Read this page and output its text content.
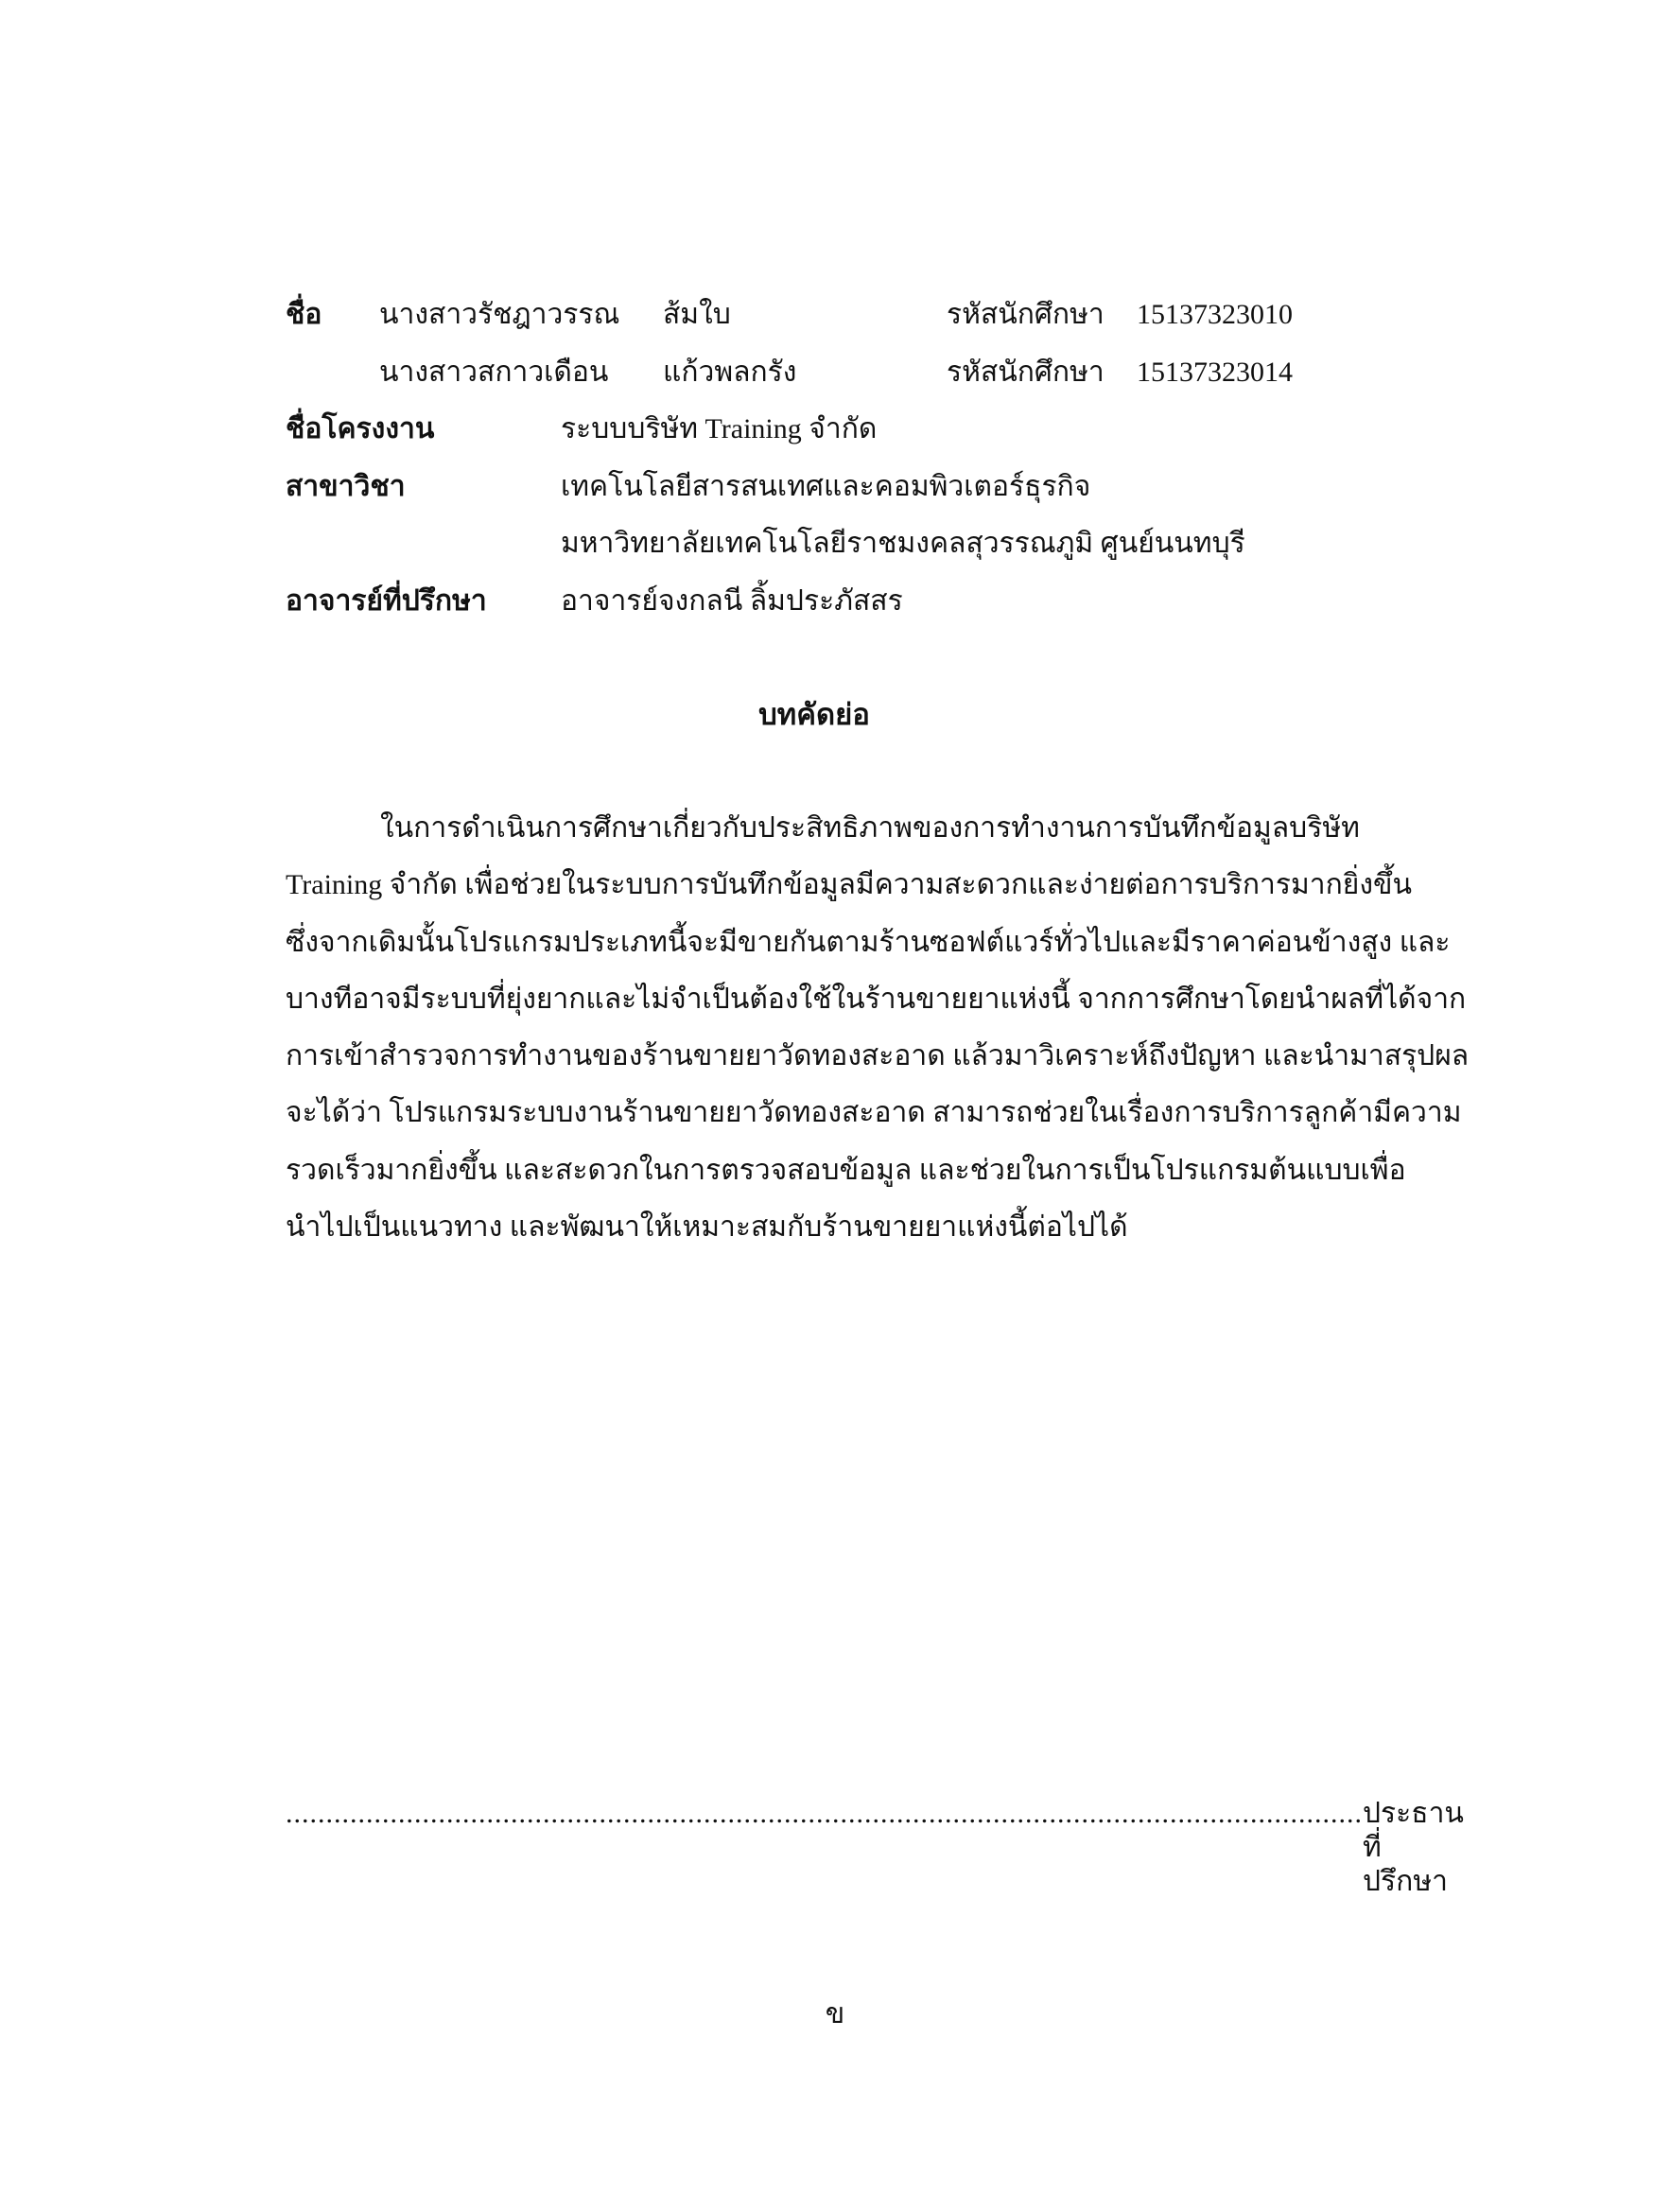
ชื่อ นางสาวรัชฎาวรรณ ส้มใบ	รหัสนักศึกษา 15137323010
นางสาวสกาวเดือน แก้วพลกรัง	รหัสนักศึกษา 15137323014
ชื่อโครงงาน	ระบบบริษัท Training จำกัด
สาขาวิชา	เทคโนโลยีสารสนเทศและคอมพิวเตอร์ธุรกิจ
มหาวิทยาลัยเทคโนโลยีราชมงคลสุวรรณภูมิ ศูนย์นนทบุรี
อาจารย์ที่ปรึกษา	อาจารย์จงกลนี ลิ้มประภัสสร
บทคัดย่อ
ในการดำเนินการศึกษาเกี่ยวกับประสิทธิภาพของการทำงานการบันทึกข้อมูลบริษัท
Training จำกัด เพื่อช่วยในระบบการบันทึกข้อมูลมีความสะดวกและง่ายต่อการบริการมากยิ่งขึ้น
ซึ่งจากเดิมนั้นโปรแกรมประเภทนี้จะมีขายกันตามร้านซอฟต์แวร์ทั่วไปและมีราคาค่อนข้างสูง และ
บางทีอาจมีระบบที่ยุ่งยากและไม่จำเป็นต้องใช้ในร้านขายยาแห่งนี้ จากการศึกษาโดยนำผลที่ได้จาก
การเข้าสำรวจการทำงานของร้านขายยาวัดทองสะอาด แล้วมาวิเคราะห์ถึงปัญหา และนำมาสรุปผล
จะได้ว่า โปรแกรมระบบงานร้านขายยาวัดทองสะอาด สามารถช่วยในเรื่องการบริการลูกค้ามีความ
รวดเร็วมากยิ่งขึ้น และสะดวกในการตรวจสอบข้อมูล และช่วยในการเป็นโปรแกรมต้นแบบเพื่อ
นำไปเป็นแนวทาง และพัฒนาให้เหมาะสมกับร้านขายยาแห่งนี้ต่อไปได้
...................................................................................................................................... ประธานที่ปรึกษา
ข
